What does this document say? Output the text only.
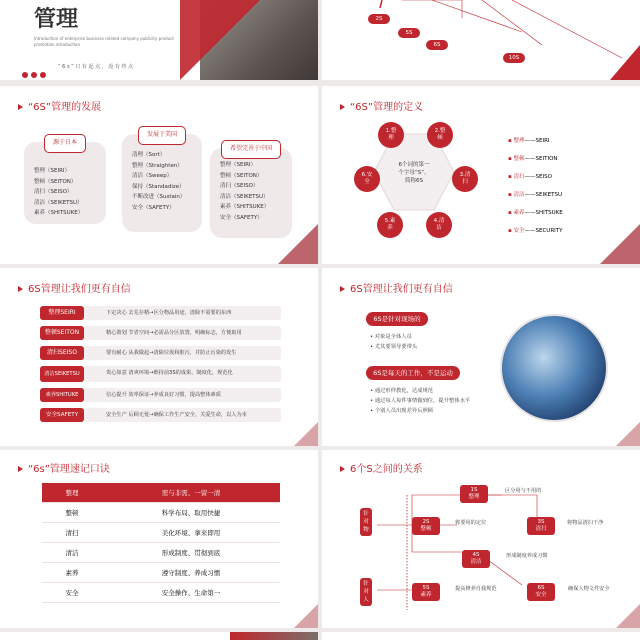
管理
Introduction of enterprise business related company publicity product
promotion introduction
“ 6 s ” 只 有 起 点 ， 没 有 终 点
2S
5S
6S
10S
“6S”管理的发展
源于日本
整理（SEIRI）
整顿（SEITON）
清扫（SEISO）
清洁（SEIKETSU）
素养（SHITSUKE）
发展于美国
清理（Sort）
整理（Straighten）
清洁（Sweep）
保持（Standadize）
不断改进（Sustain）
安全（SAFETY）
希望完善于中国
整理（SEIRI）
整顿（SEITON）
清扫（SEISO）
清洁（SEIKETSU）
素养（SHITSUKE）
安全（SAFETY）
“6S”管理的定义
6个词的第一
个字母“S”，
简称6S
1.整
理
2.整
顿
3.清
扫
4.清
洁
5.素
养
6.安
全
▪ 整理——SEIRI
▪ 整顿——SEITION
▪ 清扫——SEISO
▪ 清洁——SEIKETSU
▪ 素养——SHITSUKE
▪ 安全——SECURITY
6S管理让我们更有自信
整理SEIRI	下定决心 去芜存精→区分物品用途，清除不需要的东西
整顿SEITON	精心策划 节省空间→必需品分区放置，明确标志，方便取用
清扫SEISO	要有耐心 从我做起→清除垃圾和脏污，并防止污染的发生
清洁SEIKETSU	贵心如意 清爽环境→维持前3S的成果，制度化，规范化
素养SHITUKE	信心提升 效率保证→养成良好习惯，提高整体素质
安全SAFETY	安全生产 后顾无忧→确保工作生产安全，关爱生命，以人为本
6S管理让我们更有自信
6S是针对现场的
• 对象是全体人员
• 尤其要领导要带头
6S是每天的工作，不是运动
• 通过形样教化，达成规范
• 通过每人每件事情做到位，提升整体水平
• 个别人员出现差异后照顾
“6s”管理速记口诀
整理	需与非需、一留一清
整顿	科学布局、取用快捷
清扫	美化环境、拿来即用
清洁	形成制度、贯彻到底
素养	遵守制度、养成习惯
安全	安全操作、生命第一
6个S之间的关系
针
对
物
针
对
人
1S
整理
2S
整顿
3S
清扫
4S
清洁
5S
素养
6S
安全
区分用与不用的
将要用的定位	将物品清扫干净
形成制度养成习惯
提高修养自我规范	确保人物文件安全
